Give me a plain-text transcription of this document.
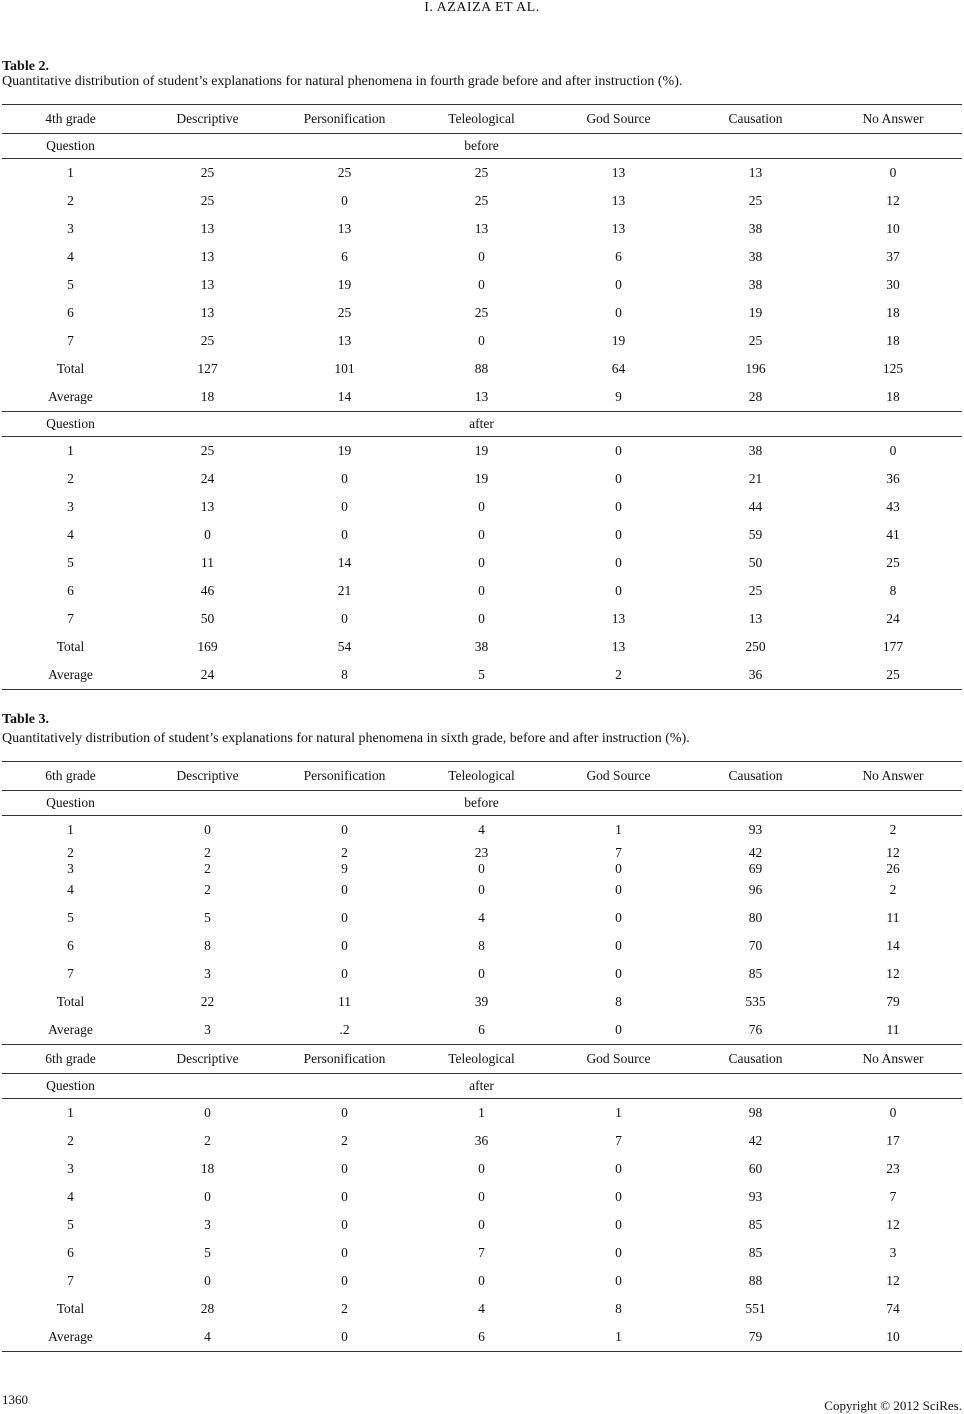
I. AZAIZA ET AL.
Table 2.
Quantitative distribution of student’s explanations for natural phenomena in fourth grade before and after instruction (%).
4th grade	Descriptive	Personification	Teleological	God Source	Causation	No Answer
Question			before			
1	25	25	25	13	13	0
2	25	0	25	13	25	12
3	13	13	13	13	38	10
4	13	6	0	6	38	37
5	13	19	0	0	38	30
6	13	25	25	0	19	18
7	25	13	0	19	25	18
Total	127	101	88	64	196	125
Average	18	14	13	9	28	18
Question			after			
1	25	19	19	0	38	0
2	24	0	19	0	21	36
3	13	0	0	0	44	43
4	0	0	0	0	59	41
5	11	14	0	0	50	25
6	46	21	0	0	25	8
7	50	0	0	13	13	24
Total	169	54	38	13	250	177
Average	24	8	5	2	36	25
Table 3.
Quantitatively distribution of student’s explanations for natural phenomena in sixth grade, before and after instruction (%).
6th grade	Descriptive	Personification	Teleological	God Source	Causation	No Answer
Question			before			
1	0	0	4	1	93	2
2	2	2	23	7	42	12
3	2	9	0	0	69	26
4	2	0	0	0	96	2
5	5	0	4	0	80	11
6	8	0	8	0	70	14
7	3	0	0	0	85	12
Total	22	11	39	8	535	79
Average	3	.2	6	0	76	11
6th grade	Descriptive	Personification	Teleological	God Source	Causation	No Answer
Question			after			
1	0	0	1	1	98	0
2	2	2	36	7	42	17
3	18	0	0	0	60	23
4	0	0	0	0	93	7
5	3	0	0	0	85	12
6	5	0	7	0	85	3
7	0	0	0	0	88	12
Total	28	2	4	8	551	74
Average	4	0	6	1	79	10
1360	Copyright © 2012 SciRes.
